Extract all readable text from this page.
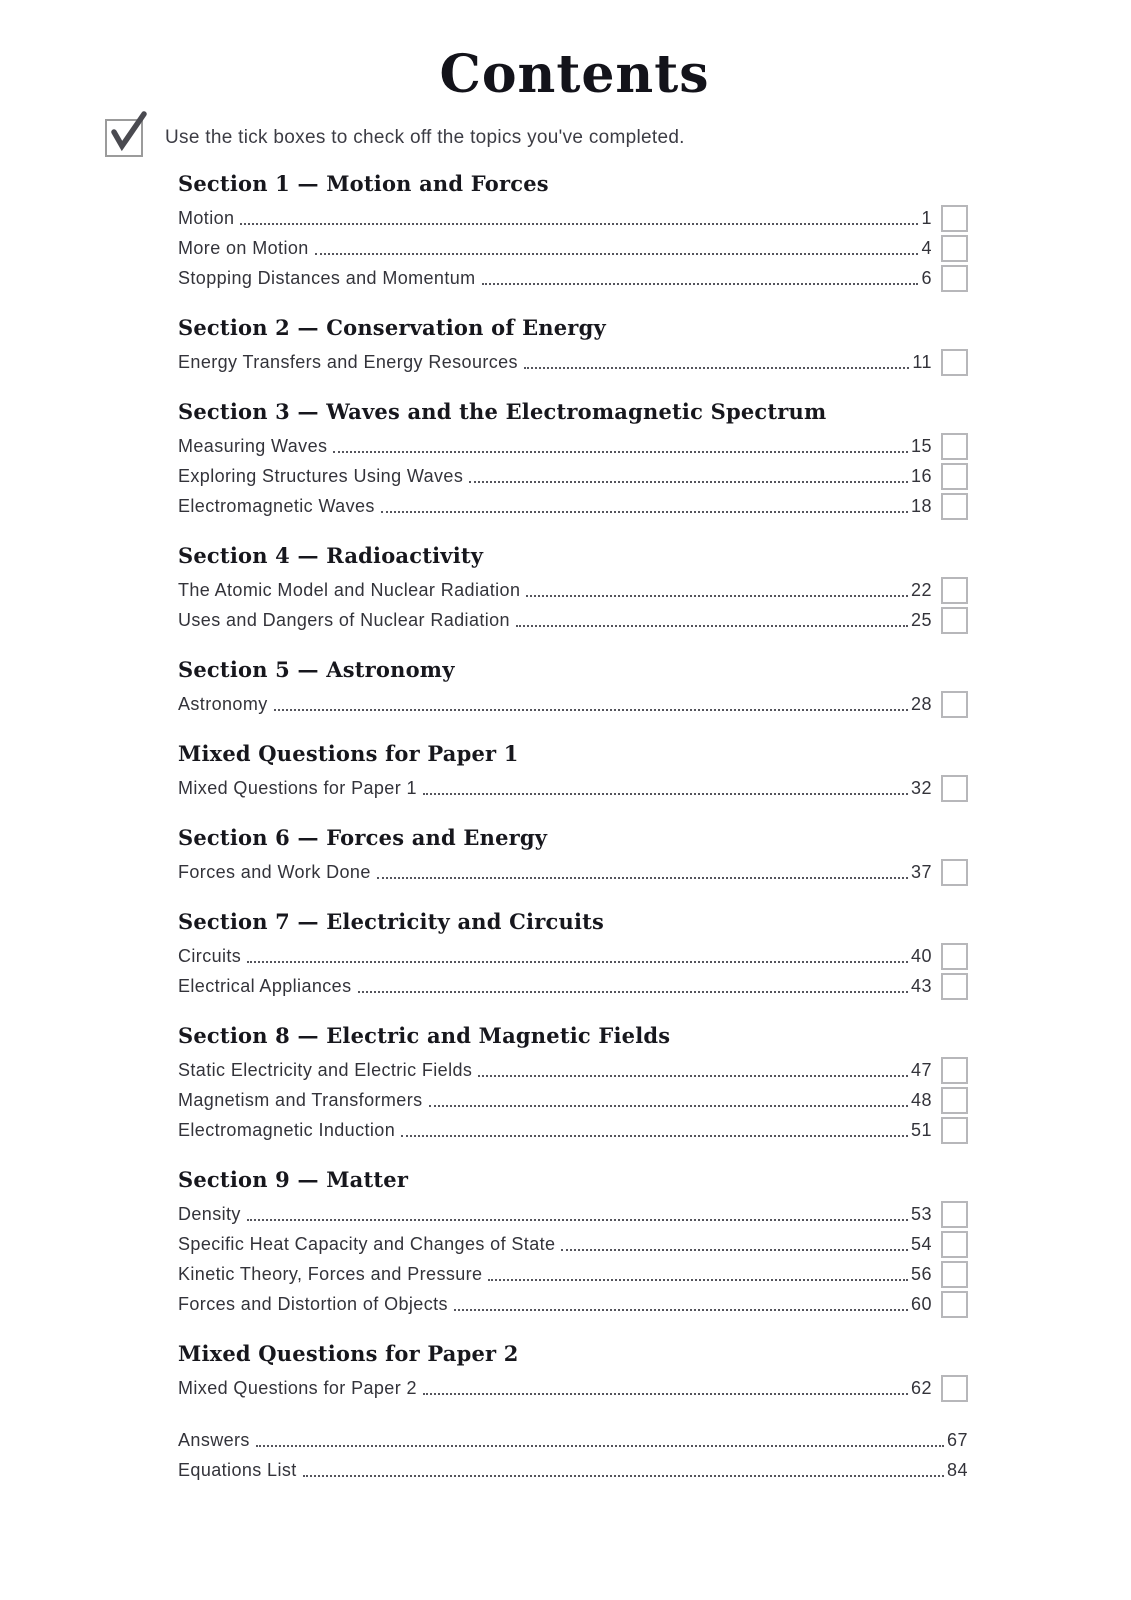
Contents
Use the tick boxes to check off the topics you've completed.
Section 1 — Motion and Forces
Motion	1
More on Motion	4
Stopping Distances and Momentum	6
Section 2 — Conservation of Energy
Energy Transfers and Energy Resources	11
Section 3 — Waves and the Electromagnetic Spectrum
Measuring Waves	15
Exploring Structures Using Waves	16
Electromagnetic Waves	18
Section 4 — Radioactivity
The Atomic Model and Nuclear Radiation	22
Uses and Dangers of Nuclear Radiation	25
Section 5 — Astronomy
Astronomy	28
Mixed Questions for Paper 1
Mixed Questions for Paper 1	32
Section 6 — Forces and Energy
Forces and Work Done	37
Section 7 — Electricity and Circuits
Circuits	40
Electrical Appliances	43
Section 8 — Electric and Magnetic Fields
Static Electricity and Electric Fields	47
Magnetism and Transformers	48
Electromagnetic Induction	51
Section 9 — Matter
Density	53
Specific Heat Capacity and Changes of State	54
Kinetic Theory, Forces and Pressure	56
Forces and Distortion of Objects	60
Mixed Questions for Paper 2
Mixed Questions for Paper 2	62
Answers	67
Equations List	84
